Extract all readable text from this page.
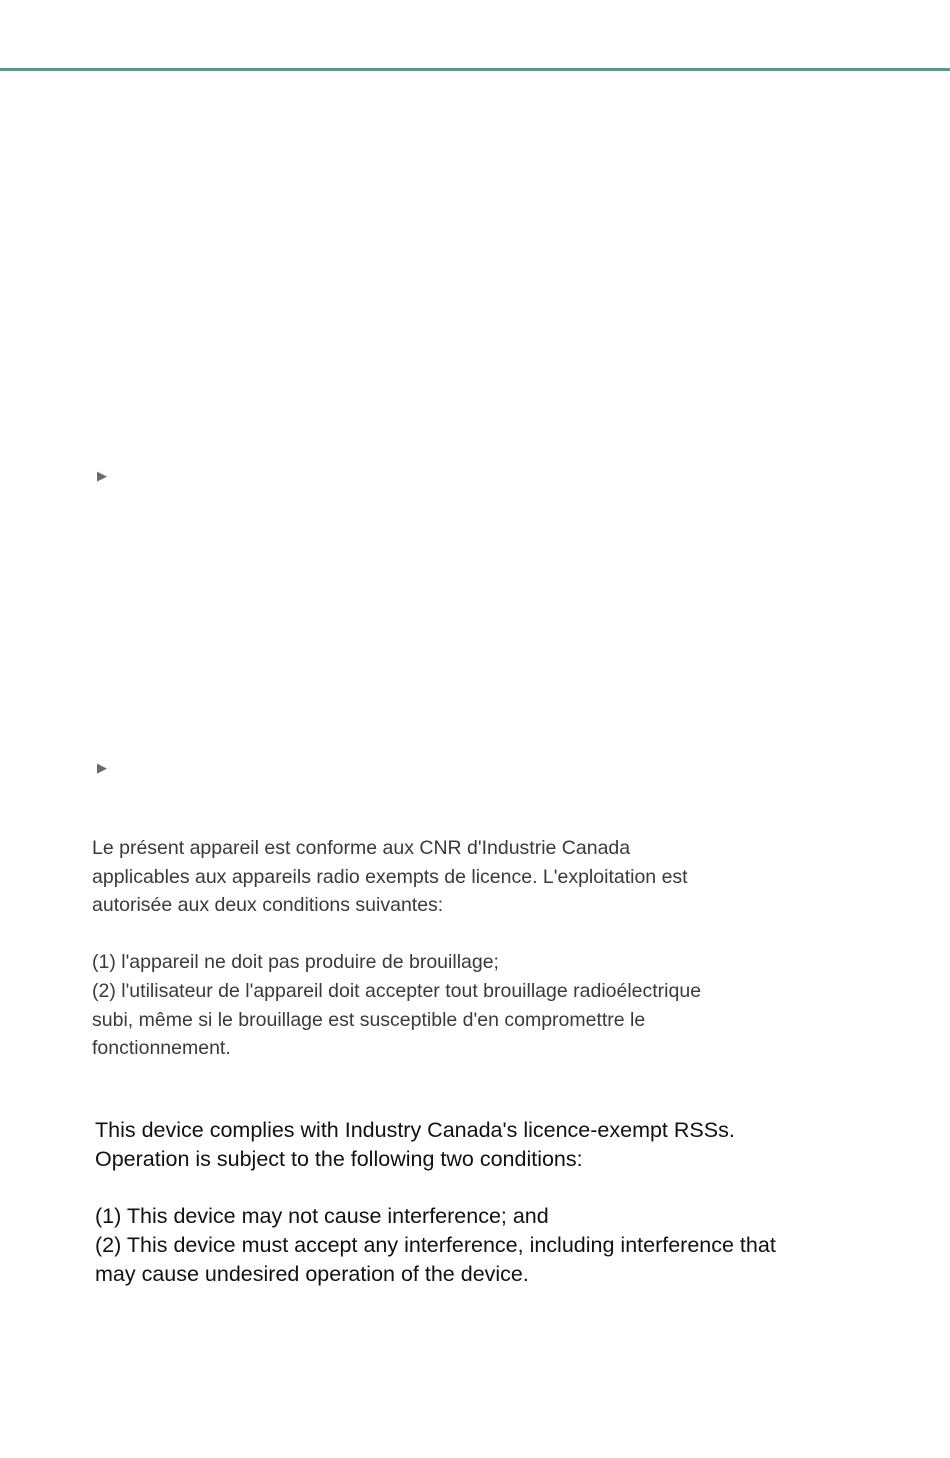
▶
▶
Le présent appareil est conforme aux CNR d'Industrie Canada
applicables aux appareils radio exempts de licence. L'exploitation est
autorisée aux deux conditions suivantes:
(1) l'appareil ne doit pas produire de brouillage;
(2) l'utilisateur de l'appareil doit accepter tout brouillage radioélectrique
subi, même si le brouillage est susceptible d'en compromettre le
fonctionnement.
This device complies with Industry Canada's licence-exempt RSSs.
Operation is subject to the following two conditions:
(1) This device may not cause interference; and
(2) This device must accept any interference, including interference that
may cause undesired operation of the device.
